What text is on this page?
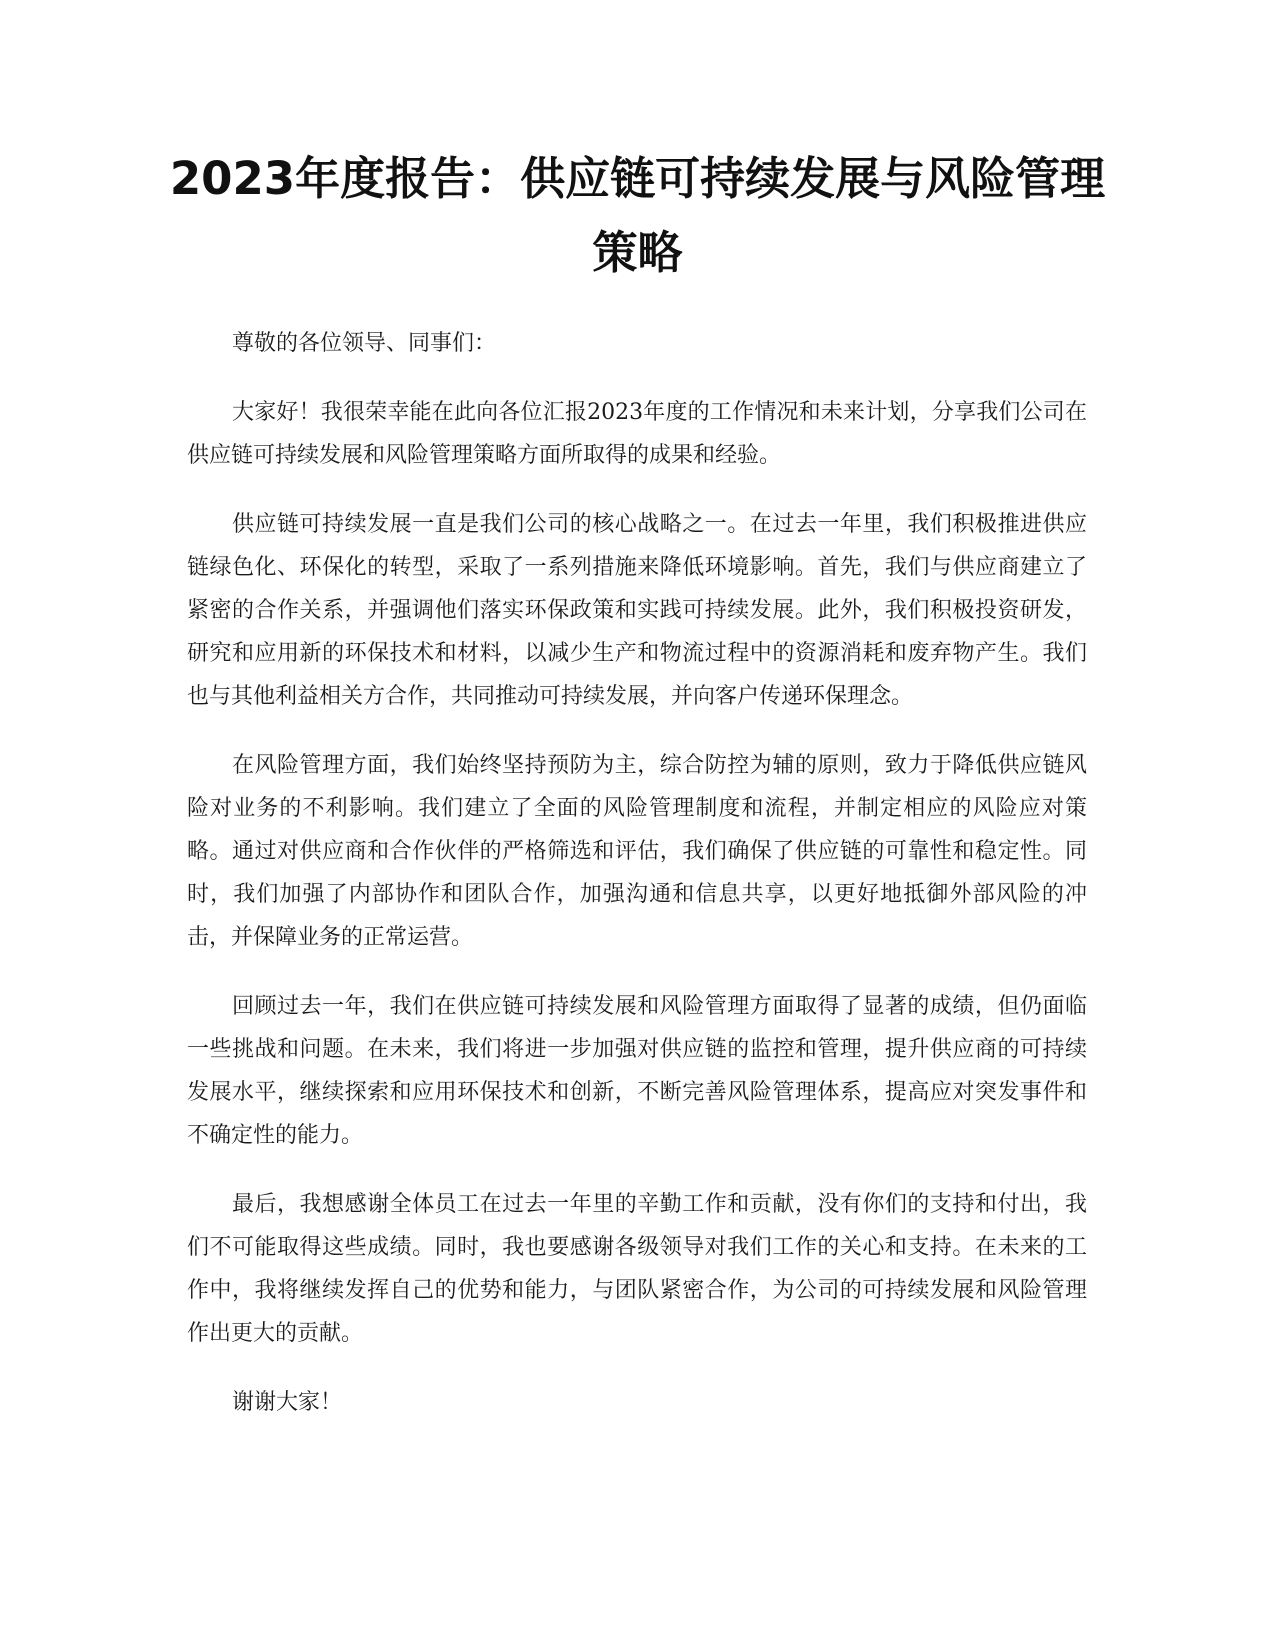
2023年度报告：供应链可持续发展与风险管理策略

尊敬的各位领导、同事们：

大家好！我很荣幸能在此向各位汇报2023年度的工作情况和未来计划，分享我们公司在供应链可持续发展和风险管理策略方面所取得的成果和经验。

供应链可持续发展一直是我们公司的核心战略之一。在过去一年里，我们积极推进供应链绿色化、环保化的转型，采取了一系列措施来降低环境影响。首先，我们与供应商建立了紧密的合作关系，并强调他们落实环保政策和实践可持续发展。此外，我们积极投资研发，研究和应用新的环保技术和材料，以减少生产和物流过程中的资源消耗和废弃物产生。我们也与其他利益相关方合作，共同推动可持续发展，并向客户传递环保理念。

在风险管理方面，我们始终坚持预防为主，综合防控为辅的原则，致力于降低供应链风险对业务的不利影响。我们建立了全面的风险管理制度和流程，并制定相应的风险应对策略。通过对供应商和合作伙伴的严格筛选和评估，我们确保了供应链的可靠性和稳定性。同时，我们加强了内部协作和团队合作，加强沟通和信息共享，以更好地抵御外部风险的冲击，并保障业务的正常运营。

回顾过去一年，我们在供应链可持续发展和风险管理方面取得了显著的成绩，但仍面临一些挑战和问题。在未来，我们将进一步加强对供应链的监控和管理，提升供应商的可持续发展水平，继续探索和应用环保技术和创新，不断完善风险管理体系，提高应对突发事件和不确定性的能力。

最后，我想感谢全体员工在过去一年里的辛勤工作和贡献，没有你们的支持和付出，我们不可能取得这些成绩。同时，我也要感谢各级领导对我们工作的关心和支持。在未来的工作中，我将继续发挥自己的优势和能力，与团队紧密合作，为公司的可持续发展和风险管理作出更大的贡献。

谢谢大家！
